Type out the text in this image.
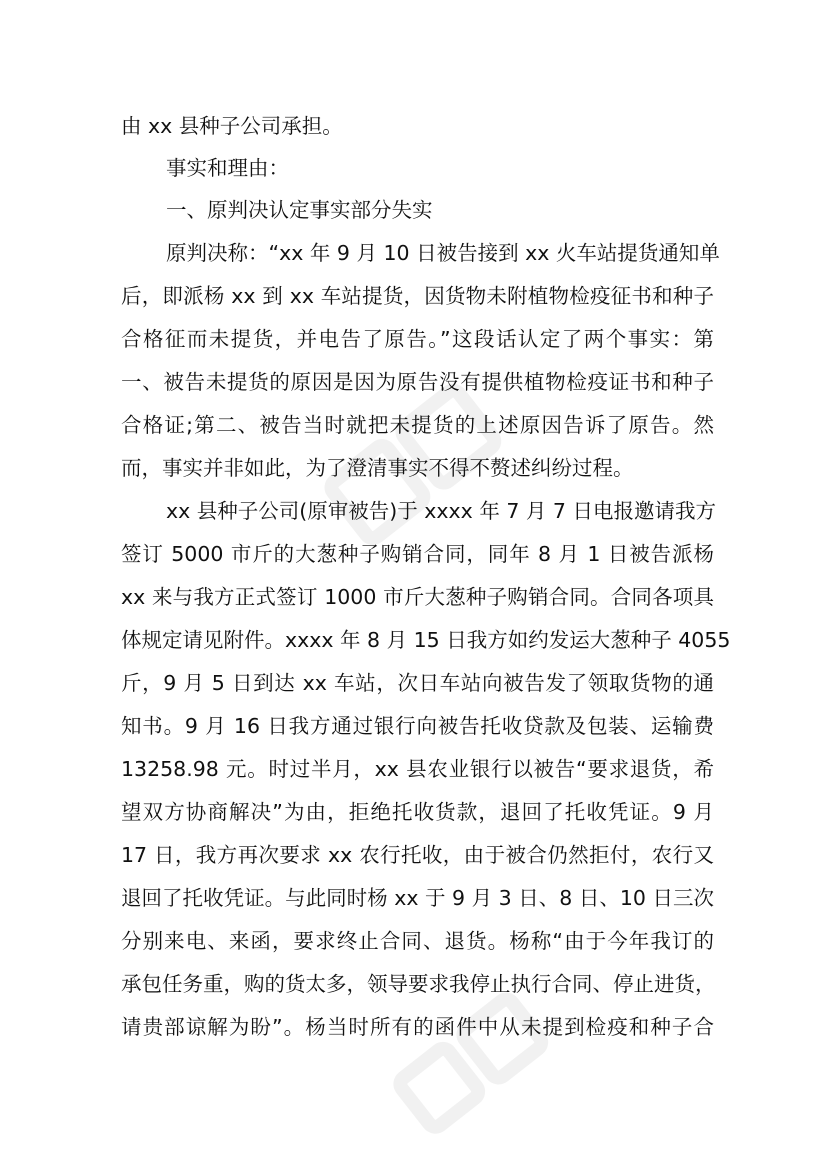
由 xx 县种子公司承担。
事实和理由：
一、原判决认定事实部分失实
原判决称：“xx 年 9 月 10 日被告接到 xx 火车站提货通知单
后，即派杨 xx 到 xx 车站提货，因货物未附植物检疫征书和种子
合格征而未提货，并电告了原告。”这段话认定了两个事实：第
一、被告未提货的原因是因为原告没有提供植物检疫证书和种子
合格证;第二、被告当时就把未提货的上述原因告诉了原告。然
而，事实并非如此，为了澄清事实不得不赘述纠纷过程。
xx 县种子公司(原审被告)于 xxxx 年 7 月 7 日电报邀请我方
签订 5000 市斤的大葱种子购销合同，同年 8 月 1 日被告派杨
xx 来与我方正式签订 1000 市斤大葱种子购销合同。合同各项具
体规定请见附件。xxxx 年 8 月 15 日我方如约发运大葱种子 4055
斤，9 月 5 日到达 xx 车站，次日车站向被告发了领取货物的通
知书。9 月 16 日我方通过银行向被告托收贷款及包装、运输费
13258.98 元。时过半月，xx 县农业银行以被告“要求退货，希
望双方协商解决”为由，拒绝托收货款，退回了托收凭证。9 月
17 日，我方再次要求 xx 农行托收，由于被合仍然拒付，农行又
退回了托收凭证。与此同时杨 xx 于 9 月 3 日、8 日、10 日三次
分别来电、来函，要求终止合同、退货。杨称“由于今年我订的
承包任务重，购的货太多，领导要求我停止执行合同、停止进货，
请贵部谅解为盼”。杨当时所有的函件中从未提到检疫和种子合
